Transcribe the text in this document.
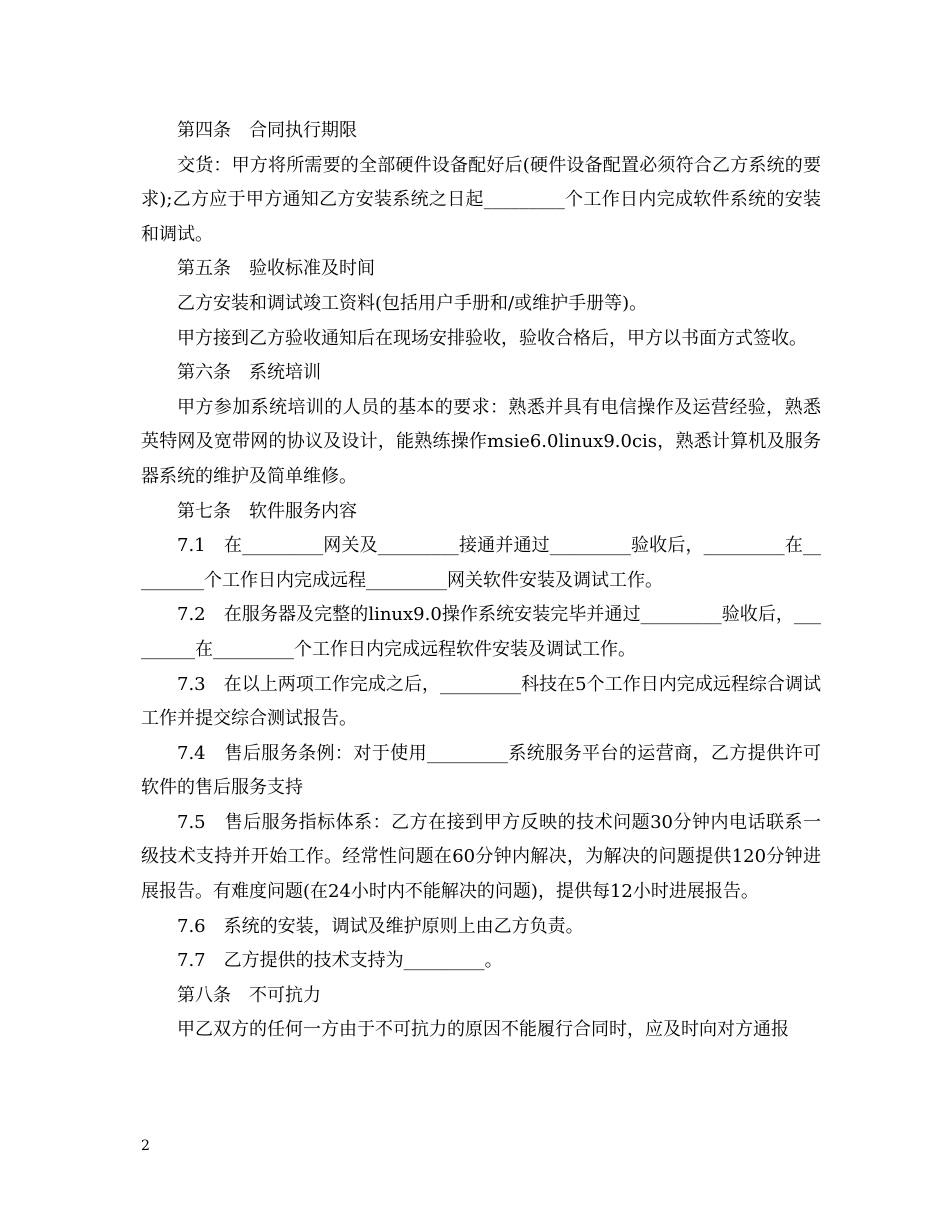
第四条　合同执行期限

交货：甲方将所需要的全部硬件设备配好后(硬件设备配置必须符合乙方系统的要求);乙方应于甲方通知乙方安装系统之日起_________个工作日内完成软件系统的安装和调试。

第五条　验收标准及时间

乙方安装和调试竣工资料(包括用户手册和/或维护手册等)。

甲方接到乙方验收通知后在现场安排验收，验收合格后，甲方以书面方式签收。

第六条　系统培训

甲方参加系统培训的人员的基本的要求：熟悉并具有电信操作及运营经验，熟悉英特网及宽带网的协议及设计，能熟练操作msie6.0linux9.0cis，熟悉计算机及服务器系统的维护及简单维修。

第七条　软件服务内容

7.1　在_________网关及_________接通并通过_________验收后，_________在_________个工作日内完成远程_________网关软件安装及调试工作。

7.2　在服务器及完整的linux9.0操作系统安装完毕并通过_________验收后，_________在_________个工作日内完成远程软件安装及调试工作。

7.3　在以上两项工作完成之后，_________科技在5个工作日内完成远程综合调试工作并提交综合测试报告。

7.4　售后服务条例：对于使用_________系统服务平台的运营商，乙方提供许可软件的售后服务支持

7.5　售后服务指标体系：乙方在接到甲方反映的技术问题30分钟内电话联系一级技术支持并开始工作。经常性问题在60分钟内解决，为解决的问题提供120分钟进展报告。有难度问题(在24小时内不能解决的问题)，提供每12小时进展报告。

7.6　系统的安装，调试及维护原则上由乙方负责。

7.7　乙方提供的技术支持为_________。

第八条　不可抗力

甲乙双方的任何一方由于不可抗力的原因不能履行合同时，应及时向对方通报

2
